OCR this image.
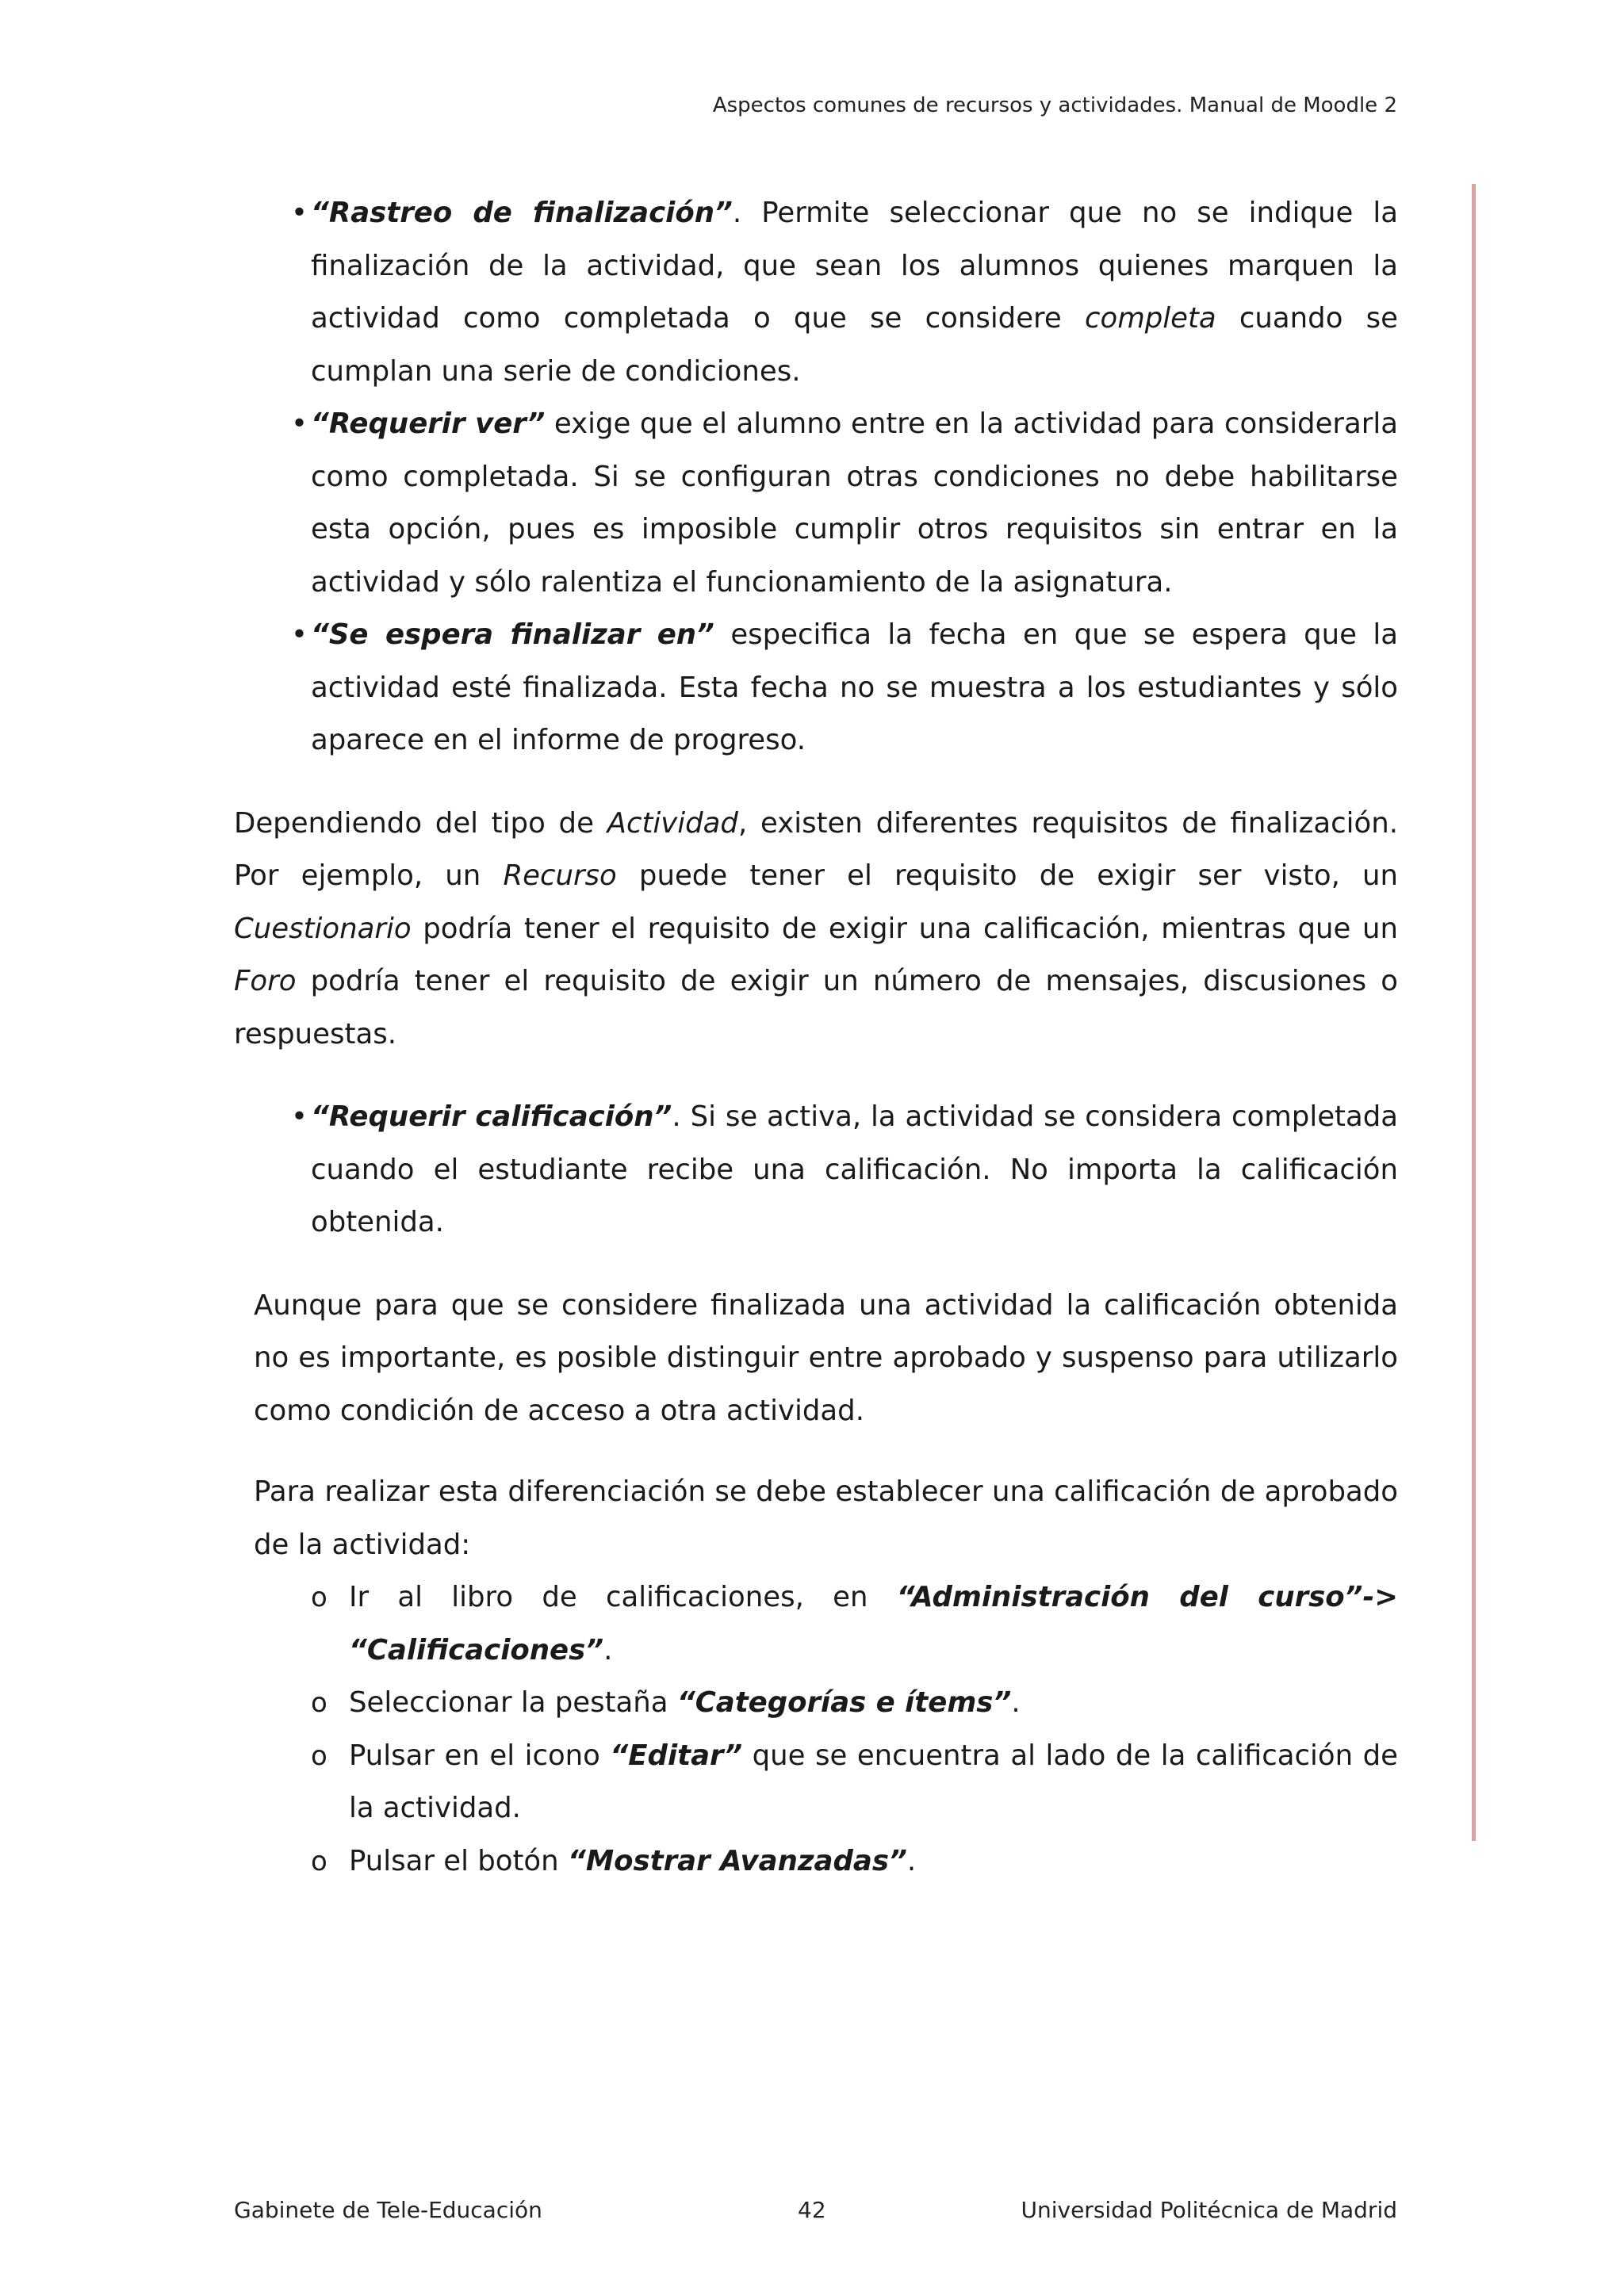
Aspectos comunes de recursos y actividades. Manual de Moodle 2
• “Rastreo de finalización”. Permite seleccionar que no se indique la finalización de la actividad, que sean los alumnos quienes marquen la actividad como completada o que se considere completa cuando se cumplan una serie de condiciones.
• “Requerir ver” exige que el alumno entre en la actividad para considerarla como completada. Si se configuran otras condiciones no debe habilitarse esta opción, pues es imposible cumplir otros requisitos sin entrar en la actividad y sólo ralentiza el funcionamiento de la asignatura.
• “Se espera finalizar en” especifica la fecha en que se espera que la actividad esté finalizada. Esta fecha no se muestra a los estudiantes y sólo aparece en el informe de progreso.

Dependiendo del tipo de Actividad, existen diferentes requisitos de finalización. Por ejemplo, un Recurso puede tener el requisito de exigir ser visto, un Cuestionario podría tener el requisito de exigir una calificación, mientras que un Foro podría tener el requisito de exigir un número de mensajes, discusiones o respuestas.

• “Requerir calificación”. Si se activa, la actividad se considera completada cuando el estudiante recibe una calificación. No importa la calificación obtenida.

Aunque para que se considere finalizada una actividad la calificación obtenida no es importante, es posible distinguir entre aprobado y suspenso para utilizarlo como condición de acceso a otra actividad.

Para realizar esta diferenciación se debe establecer una calificación de aprobado de la actividad:

o Ir al libro de calificaciones, en “Administración del curso”->
“Calificaciones”.
o Seleccionar la pestaña “Categorías e ítems”.
o Pulsar en el icono “Editar” que se encuentra al lado de la calificación de la actividad.
o Pulsar el botón “Mostrar Avanzadas”.
Gabinete de Tele-Educación	42	Universidad Politécnica de Madrid
